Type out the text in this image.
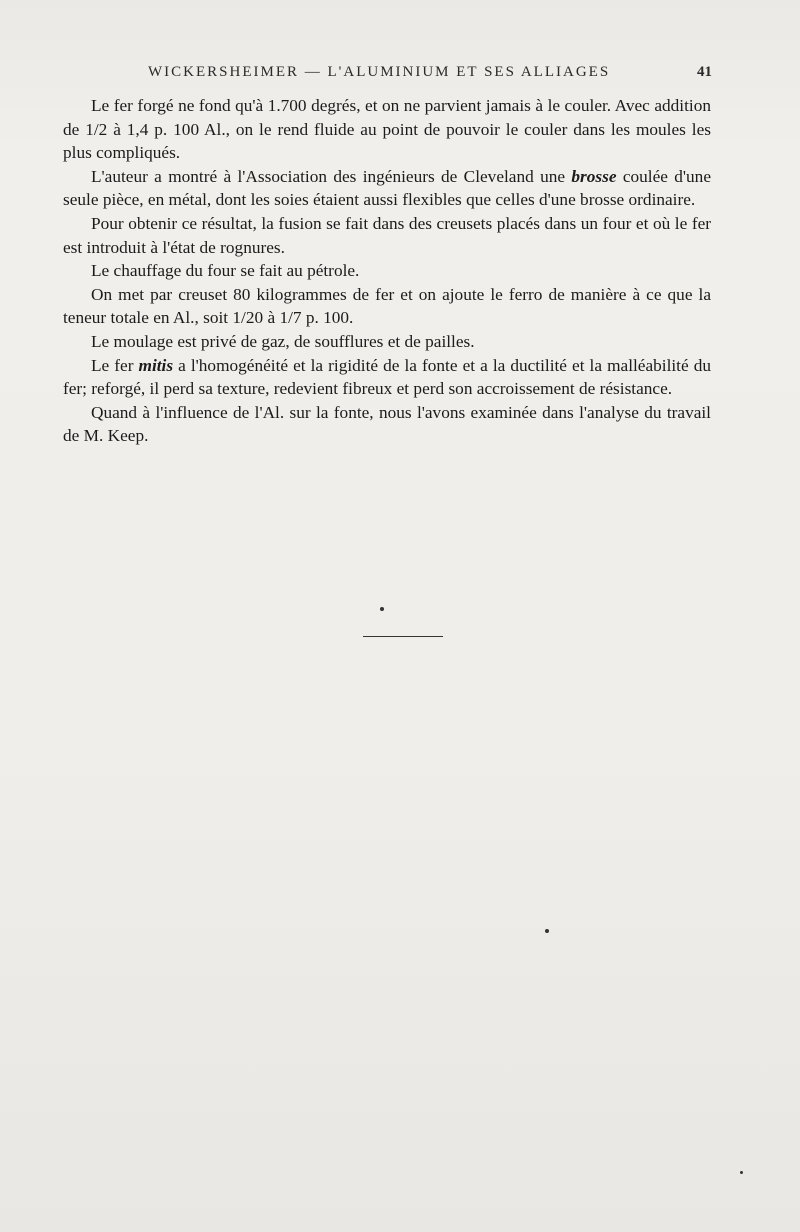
WICKERSHEIMER — L'ALUMINIUM ET SES ALLIAGES	41

Le fer forgé ne fond qu'à 1.700 degrés, et on ne parvient jamais à le couler. Avec addition de 1/2 à 1,4 p. 100 Al., on le rend fluide au point de pouvoir le couler dans les moules les plus compliqués.

L'auteur a montré à l'Association des ingénieurs de Cleveland une brosse coulée d'une seule pièce, en métal, dont les soies étaient aussi flexibles que celles d'une brosse ordinaire.

Pour obtenir ce résultat, la fusion se fait dans des creusets placés dans un four et où le fer est introduit à l'état de rognures.

Le chauffage du four se fait au pétrole.

On met par creuset 80 kilogrammes de fer et on ajoute le ferro de manière à ce que la teneur totale en Al., soit 1/20 à 1/7 p. 100.

Le moulage est privé de gaz, de soufflures et de pailles.

Le fer mitis a l'homogénéité et la rigidité de la fonte et a la ductilité et la malléabilité du fer; reforgé, il perd sa texture, redevient fibreux et perd son accroissement de résistance.

Quand à l'influence de l'Al. sur la fonte, nous l'avons examinée dans l'analyse du travail de M. Keep.
